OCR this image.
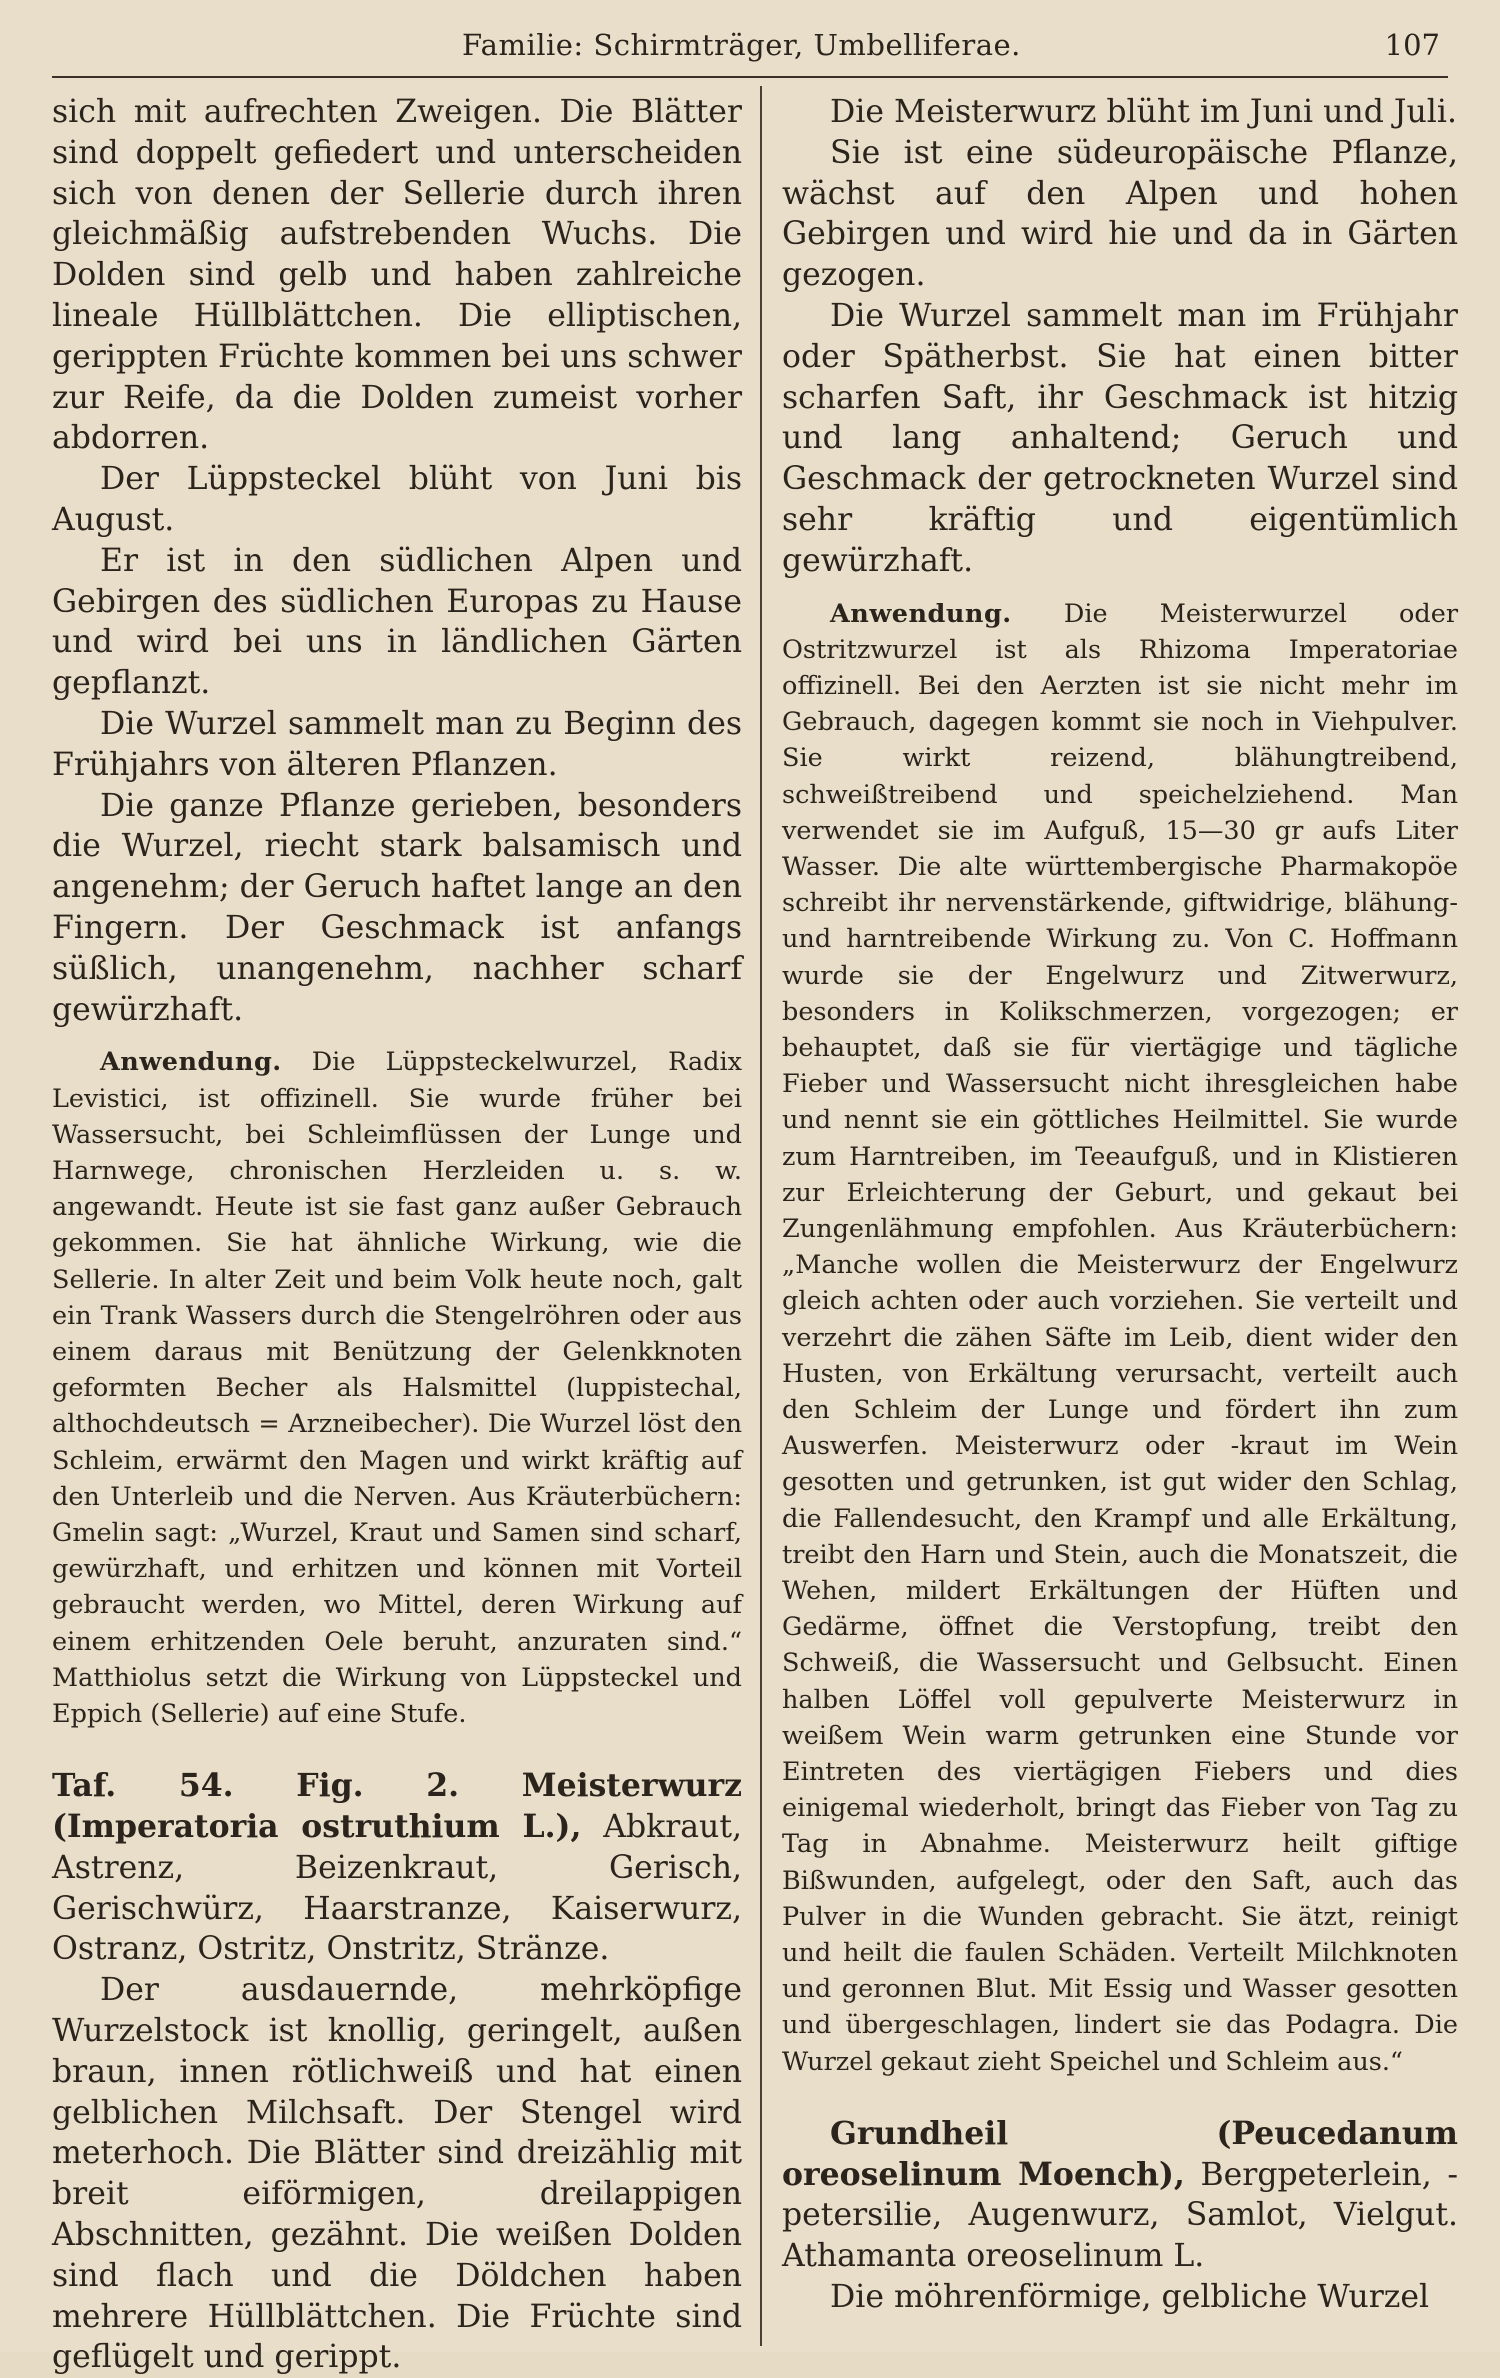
Familie: Schirmträger, Umbelliferae.	107

sich mit aufrechten Zweigen. Die Blätter sind doppelt gefiedert und unterscheiden sich von denen der Sellerie durch ihren gleichmäßig aufstrebenden Wuchs. Die Dolden sind gelb und haben zahlreiche lineale Hüllblättchen. Die elliptischen, gerippten Früchte kommen bei uns schwer zur Reife, da die Dolden zumeist vorher abdorren.

Der Lüppsteckel blüht von Juni bis August.

Er ist in den südlichen Alpen und Gebirgen des südlichen Europas zu Hause und wird bei uns in ländlichen Gärten gepflanzt.

Die Wurzel sammelt man zu Beginn des Frühjahrs von älteren Pflanzen.

Die ganze Pflanze gerieben, besonders die Wurzel, riecht stark balsamisch und angenehm; der Geruch haftet lange an den Fingern. Der Geschmack ist anfangs süßlich, unangenehm, nachher scharf gewürzhaft.

Anwendung. Die Lüppsteckelwurzel, Radix Levistici, ist offizinell. Sie wurde früher bei Wassersucht, bei Schleimflüssen der Lunge und Harnwege, chronischen Herzleiden u. s. w. angewandt. Heute ist sie fast ganz außer Gebrauch gekommen. Sie hat ähnliche Wirkung, wie die Sellerie. In alter Zeit und beim Volk heute noch, galt ein Trank Wassers durch die Stengelröhren oder aus einem daraus mit Benützung der Gelenkknoten geformten Becher als Halsmittel (luppistechal, althochdeutsch = Arzneibecher). Die Wurzel löst den Schleim, erwärmt den Magen und wirkt kräftig auf den Unterleib und die Nerven. Aus Kräuterbüchern: Gmelin sagt: „Wurzel, Kraut und Samen sind scharf, gewürzhaft, und erhitzen und können mit Vorteil gebraucht werden, wo Mittel, deren Wirkung auf einem erhitzenden Oele beruht, anzuraten sind.“ Matthiolus setzt die Wirkung von Lüppsteckel und Eppich (Sellerie) auf eine Stufe.

Taf. 54. Fig. 2. Meisterwurz (Imperatoria ostruthium L.), Abkraut, Astrenz, Beizenkraut, Gerisch, Gerischwürz, Haarstranze, Kaiserwurz, Ostranz, Ostritz, Onstritz, Stränze.

Der ausdauernde, mehrköpfige Wurzelstock ist knollig, geringelt, außen braun, innen rötlichweiß und hat einen gelblichen Milchsaft. Der Stengel wird meterhoch. Die Blätter sind dreizählig mit breit eiförmigen, dreilappigen Abschnitten, gezähnt. Die weißen Dolden sind flach und die Döldchen haben mehrere Hüllblättchen. Die Früchte sind geflügelt und gerippt.

Die Meisterwurz blüht im Juni und Juli.

Sie ist eine südeuropäische Pflanze, wächst auf den Alpen und hohen Gebirgen und wird hie und da in Gärten gezogen.

Die Wurzel sammelt man im Frühjahr oder Spätherbst. Sie hat einen bitter scharfen Saft, ihr Geschmack ist hitzig und lang anhaltend; Geruch und Geschmack der getrockneten Wurzel sind sehr kräftig und eigentümlich gewürzhaft.

Anwendung. Die Meisterwurzel oder Ostritzwurzel ist als Rhizoma Imperatoriae offizinell. Bei den Aerzten ist sie nicht mehr im Gebrauch, dagegen kommt sie noch in Viehpulver. Sie wirkt reizend, blähungtreibend, schweißtreibend und speichelziehend. Man verwendet sie im Aufguß, 15—30 gr aufs Liter Wasser. Die alte württembergische Pharmakopöe schreibt ihr nervenstärkende, giftwidrige, blähung- und harntreibende Wirkung zu. Von C. Hoffmann wurde sie der Engelwurz und Zitwerwurz, besonders in Kolikschmerzen, vorgezogen; er behauptet, daß sie für viertägige und tägliche Fieber und Wassersucht nicht ihresgleichen habe und nennt sie ein göttliches Heilmittel. Sie wurde zum Harntreiben, im Teeaufguß, und in Klistieren zur Erleichterung der Geburt, und gekaut bei Zungenlähmung empfohlen. Aus Kräuterbüchern: „Manche wollen die Meisterwurz der Engelwurz gleich achten oder auch vorziehen. Sie verteilt und verzehrt die zähen Säfte im Leib, dient wider den Husten, von Erkältung verursacht, verteilt auch den Schleim der Lunge und fördert ihn zum Auswerfen. Meisterwurz oder -kraut im Wein gesotten und getrunken, ist gut wider den Schlag, die Fallendesucht, den Krampf und alle Erkältung, treibt den Harn und Stein, auch die Monatszeit, die Wehen, mildert Erkältungen der Hüften und Gedärme, öffnet die Verstopfung, treibt den Schweiß, die Wassersucht und Gelbsucht. Einen halben Löffel voll gepulverte Meisterwurz in weißem Wein warm getrunken eine Stunde vor Eintreten des viertägigen Fiebers und dies einigemal wiederholt, bringt das Fieber von Tag zu Tag in Abnahme. Meisterwurz heilt giftige Bißwunden, aufgelegt, oder den Saft, auch das Pulver in die Wunden gebracht. Sie ätzt, reinigt und heilt die faulen Schäden. Verteilt Milchknoten und geronnen Blut. Mit Essig und Wasser gesotten und übergeschlagen, lindert sie das Podagra. Die Wurzel gekaut zieht Speichel und Schleim aus.“

Grundheil (Peucedanum oreoselinum Moench), Bergpeterlein, -petersilie, Augenwurz, Samlot, Vielgut. Athamanta oreoselinum L.

Die möhrenförmige, gelbliche Wurzel
